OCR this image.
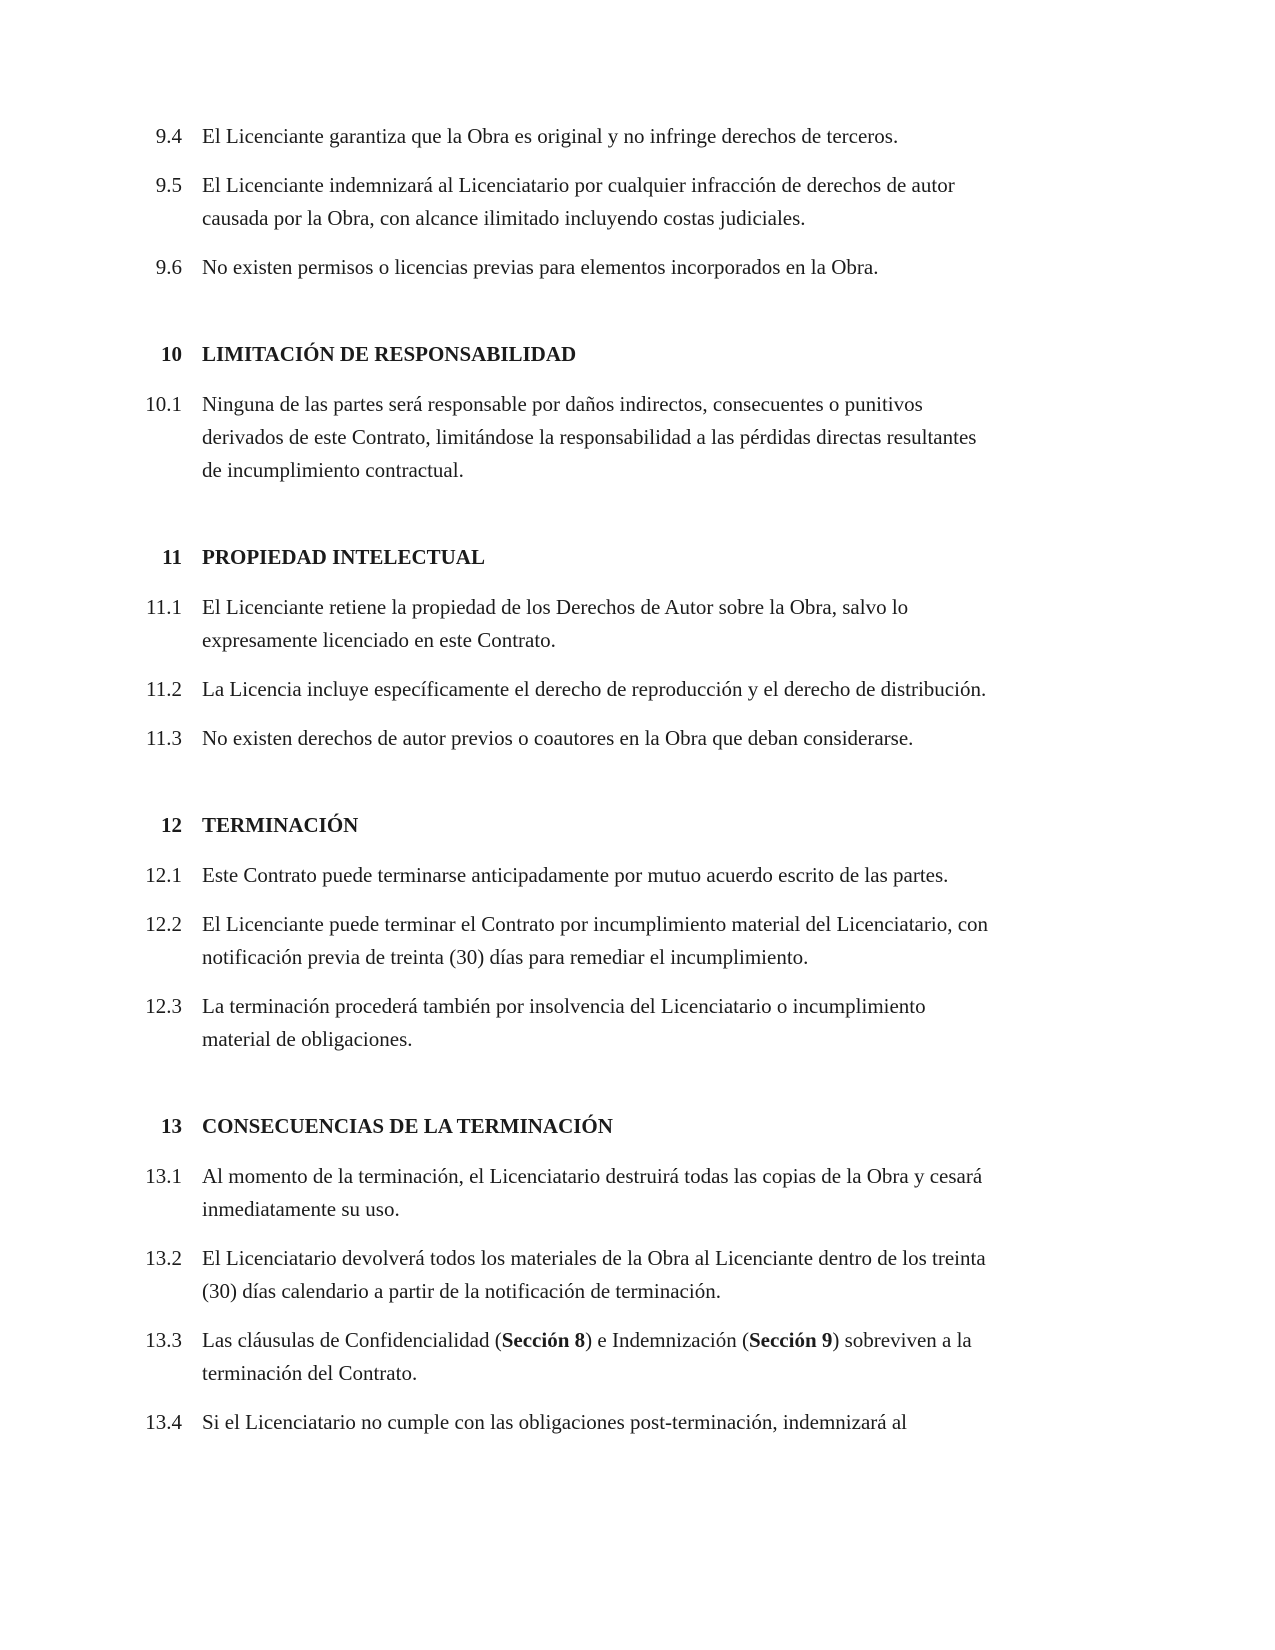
9.4 El Licenciante garantiza que la Obra es original y no infringe derechos de terceros.
9.5 El Licenciante indemnizará al Licenciatario por cualquier infracción de derechos de autor
causada por la Obra, con alcance ilimitado incluyendo costas judiciales.
9.6 No existen permisos o licencias previas para elementos incorporados en la Obra.
10 LIMITACIÓN DE RESPONSABILIDAD
10.1 Ninguna de las partes será responsable por daños indirectos, consecuentes o punitivos
derivados de este Contrato, limitándose la responsabilidad a las pérdidas directas resultantes
de incumplimiento contractual.
11 PROPIEDAD INTELECTUAL
11.1 El Licenciante retiene la propiedad de los Derechos de Autor sobre la Obra, salvo lo
expresamente licenciado en este Contrato.
11.2 La Licencia incluye específicamente el derecho de reproducción y el derecho de distribución.
11.3 No existen derechos de autor previos o coautores en la Obra que deban considerarse.
12 TERMINACIÓN
12.1 Este Contrato puede terminarse anticipadamente por mutuo acuerdo escrito de las partes.
12.2 El Licenciante puede terminar el Contrato por incumplimiento material del Licenciatario, con
notificación previa de treinta (30) días para remediar el incumplimiento.
12.3 La terminación procederá también por insolvencia del Licenciatario o incumplimiento
material de obligaciones.
13 CONSECUENCIAS DE LA TERMINACIÓN
13.1 Al momento de la terminación, el Licenciatario destruirá todas las copias de la Obra y cesará
inmediatamente su uso.
13.2 El Licenciatario devolverá todos los materiales de la Obra al Licenciante dentro de los treinta
(30) días calendario a partir de la notificación de terminación.
13.3 Las cláusulas de Confidencialidad (Sección 8) e Indemnización (Sección 9) sobreviven a la
terminación del Contrato.
13.4 Si el Licenciatario no cumple con las obligaciones post-terminación, indemnizará al
